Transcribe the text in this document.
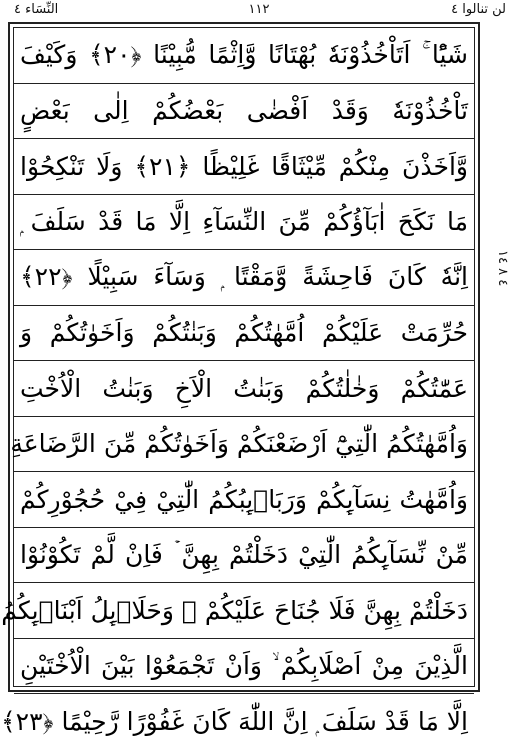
لن تنالوا ٤
١١٢
النِّسَاء ٤
شَيًْا ۚ اَتَاْخُذُوْنَهٗ بُهْتَانًا وَّاِثْمًا مُّبِيْنًا ﴿٢٠﴾ وَكَيْفَ
تَاْخُذُوْنَهٗ وَقَدْ اَفْضٰى بَعْضُكُمْ اِلٰى بَعْضٍ
وَّاَخَذْنَ مِنْكُمْ مِّيْثَاقًا غَلِيْظًا ﴿٢١﴾ وَلَا تَنْكِحُوْا
مَا نَكَحَ اٰبَآؤُكُمْ مِّنَ النِّسَآءِ اِلَّا مَا قَدْ سَلَفَ ۭ
اِنَّهٗ كَانَ فَاحِشَةً وَّمَقْتًا ۭ وَسَآءَ سَبِيْلًا ﴿٢٢﴾
حُرِّمَتْ عَلَيْكُمْ اُمَّهٰتُكُمْ وَبَنٰتُكُمْ وَاَخَوٰتُكُمْ وَ
عَمّٰتُكُمْ وَخٰلٰتُكُمْ وَبَنٰتُ الْاَخِ وَبَنٰتُ الْاُخْتِ
وَاُمَّهٰتُكُمُ الّٰتِيْٓ اَرْضَعْنَكُمْ وَاَخَوٰتُكُمْ مِّنَ الرَّضَاعَةِ
وَاُمَّهٰتُ نِسَآىِٕكُمْ وَرَبَاۗىِٕبُكُمُ الّٰتِيْ فِيْ حُجُوْرِكُمْ
مِّنْ نِّسَآىِٕكُمُ الّٰتِيْ دَخَلْتُمْ بِهِنَّ ۡ فَاِنْ لَّمْ تَكُوْنُوْا
دَخَلْتُمْ بِهِنَّ فَلَا جُنَاحَ عَلَيْكُمْ ۡ وَحَلَاۗىِٕلُ اَبْنَاۗىِٕكُمُ
الَّذِيْنَ مِنْ اَصْلَابِكُمْ ۙ وَاَنْ تَجْمَعُوْا بَيْنَ الْاُخْتَيْنِ
اِلَّا مَا قَدْ سَلَفَ ۭ اِنَّ اللّٰهَ كَانَ غَفُوْرًا رَّحِيْمًا ﴿٢٣﴾
٤ ٨ ١٤
